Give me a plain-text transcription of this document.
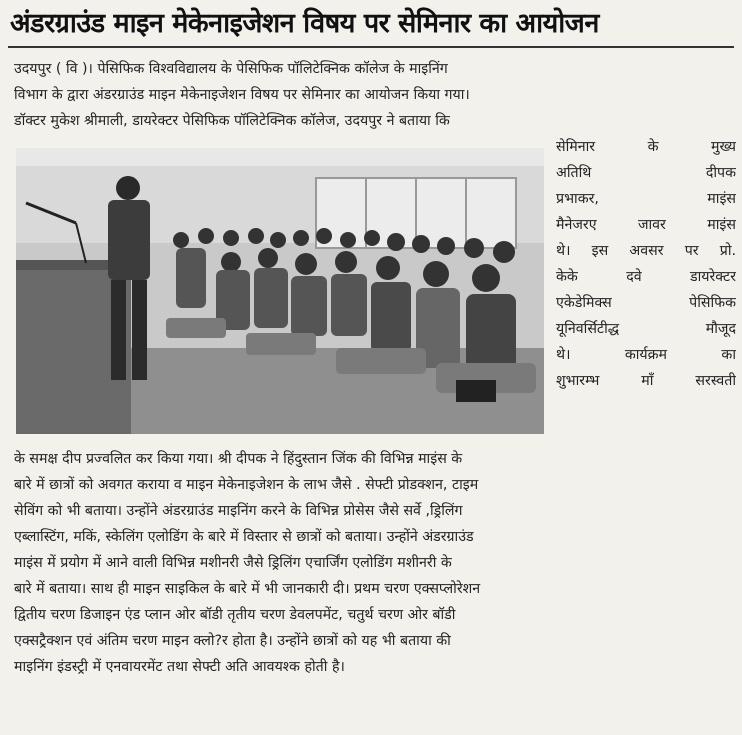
अंडरग्राउंड माइन मेकेनाइजेशन विषय पर सेमिनार का आयोजन
उदयपुर ( वि )। पेसिफिक विश्वविद्यालय के पेसिफिक पॉलिटेक्निक कॉलेज के माइनिंग
विभाग के द्वारा अंडरग्राउंड माइन मेकेनाइजेशन विषय पर सेमिनार का आयोजन किया गया।
डॉक्टर मुकेश श्रीमाली, डायरेक्टर पेसिफिक पॉलिटेक्निक कॉलेज, उदयपुर ने बताया कि
सेमिनार के मुख्य
अतिथि दीपक
प्रभाकर, माइंस
मैनेजरए जावर माइंस
थे। इस अवसर पर प्रो.
केके दवे डायरेक्टर
एकेडेमिक्स पेसिफिक
यूनिवर्सिटीद्ध मौजूद
थे। कार्यक्रम का
शुभारम्भ माँ सरस्वती
के समक्ष दीप प्रज्वलित कर किया गया। श्री दीपक ने हिंदुस्तान जिंक की विभिन्न माइंस के
बारे में छात्रों को अवगत कराया व माइन मेकेनाइजेशन के लाभ जैसे . सेफ्टी प्रोडक्शन, टाइम
सेविंग को भी बताया। उन्होंने अंडरग्राउंड माइनिंग करने के विभिन्न प्रोसेस जैसे सर्वे ,ड्रिलिंग
एब्लास्टिंग, मकिं, स्केलिंग एलोडिंग के बारे में विस्तार से छात्रों को बताया। उन्होंने अंडरग्राउंड
माइंस में प्रयोग में आने वाली विभिन्न मशीनरी जैसे ड्रिलिंग एचार्जिंग एलोडिंग मशीनरी के
बारे में बताया। साथ ही माइन साइकिल के बारे में भी जानकारी दी। प्रथम चरण एक्सप्लोरेशन
द्वितीय चरण डिजाइन एंड प्लान ओर बॉडी तृतीय चरण डेवलपमेंट, चतुर्थ चरण ओर बॉडी
एक्सट्रैक्शन एवं अंतिम चरण माइन क्लो?र होता है। उन्होंने छात्रों को यह भी बताया की
माइनिंग इंडस्ट्री में एनवायरमेंट तथा सेफ्टी अति आवयश्क होती है।
